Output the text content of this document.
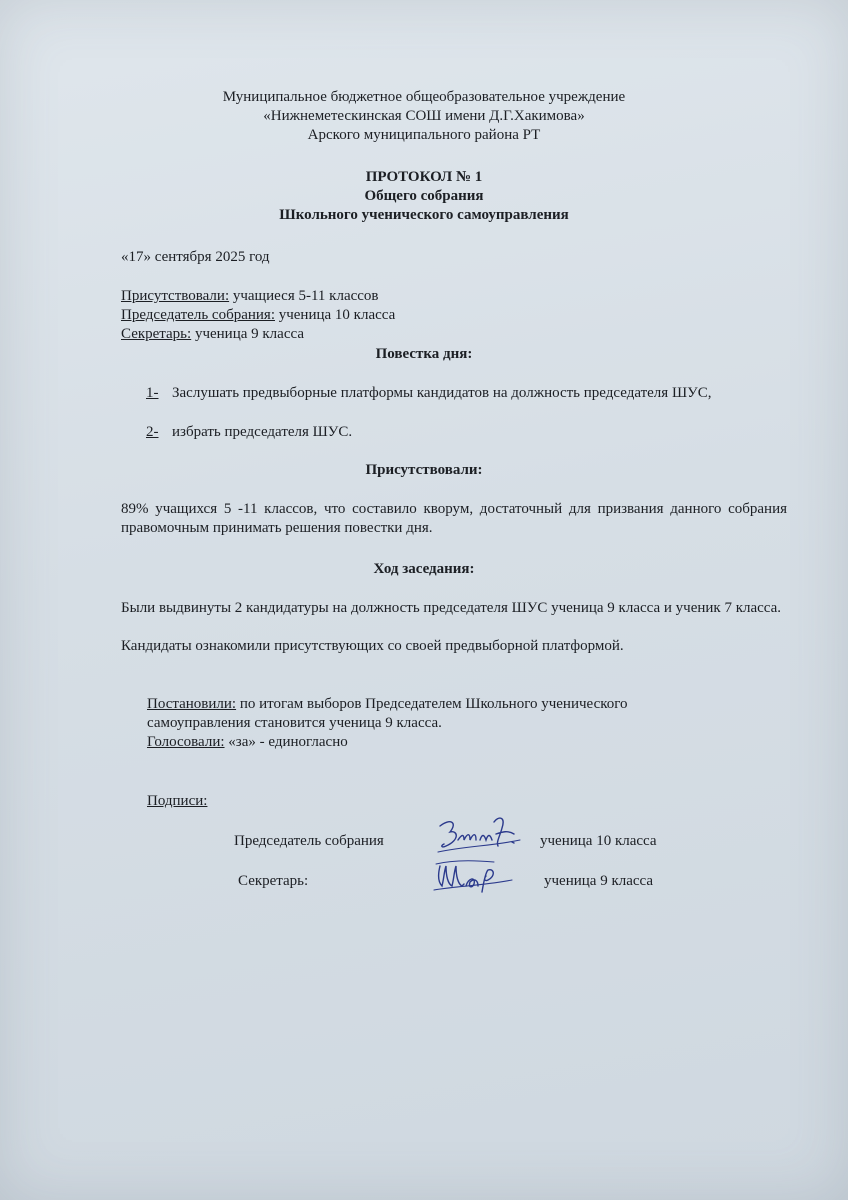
Муниципальное бюджетное общеобразовательное учреждение
«Нижнеметескинская СОШ имени Д.Г.Хакимова»
Арского муниципального района РТ
ПРОТОКОЛ № 1
Общего собрания
Школьного ученического самоуправления
«17» сентября 2025 год
Присутствовали: учащиеся 5-11 классов
Председатель собрания: ученица 10 класса
Секретарь: ученица 9 класса
Повестка дня:
1- Заслушать предвыборные платформы кандидатов на должность председателя ШУС,
2- избрать председателя ШУС.
Присутствовали:
89% учащихся 5 -11 классов, что составило кворум, достаточный для призвания данного собрания правомочным принимать решения повестки дня.
Ход заседания:
Были выдвинуты 2 кандидатуры на должность председателя ШУС ученица 9 класса и ученик 7 класса.
Кандидаты ознакомили присутствующих со своей предвыборной платформой.
Постановили: по итогам выборов Председателем Школьного ученического
самоуправления становится ученица 9 класса.
Голосовали: «за» - единогласно
Подписи:
Председатель собрания	ученица 10 класса
Секретарь:	ученица 9 класса
